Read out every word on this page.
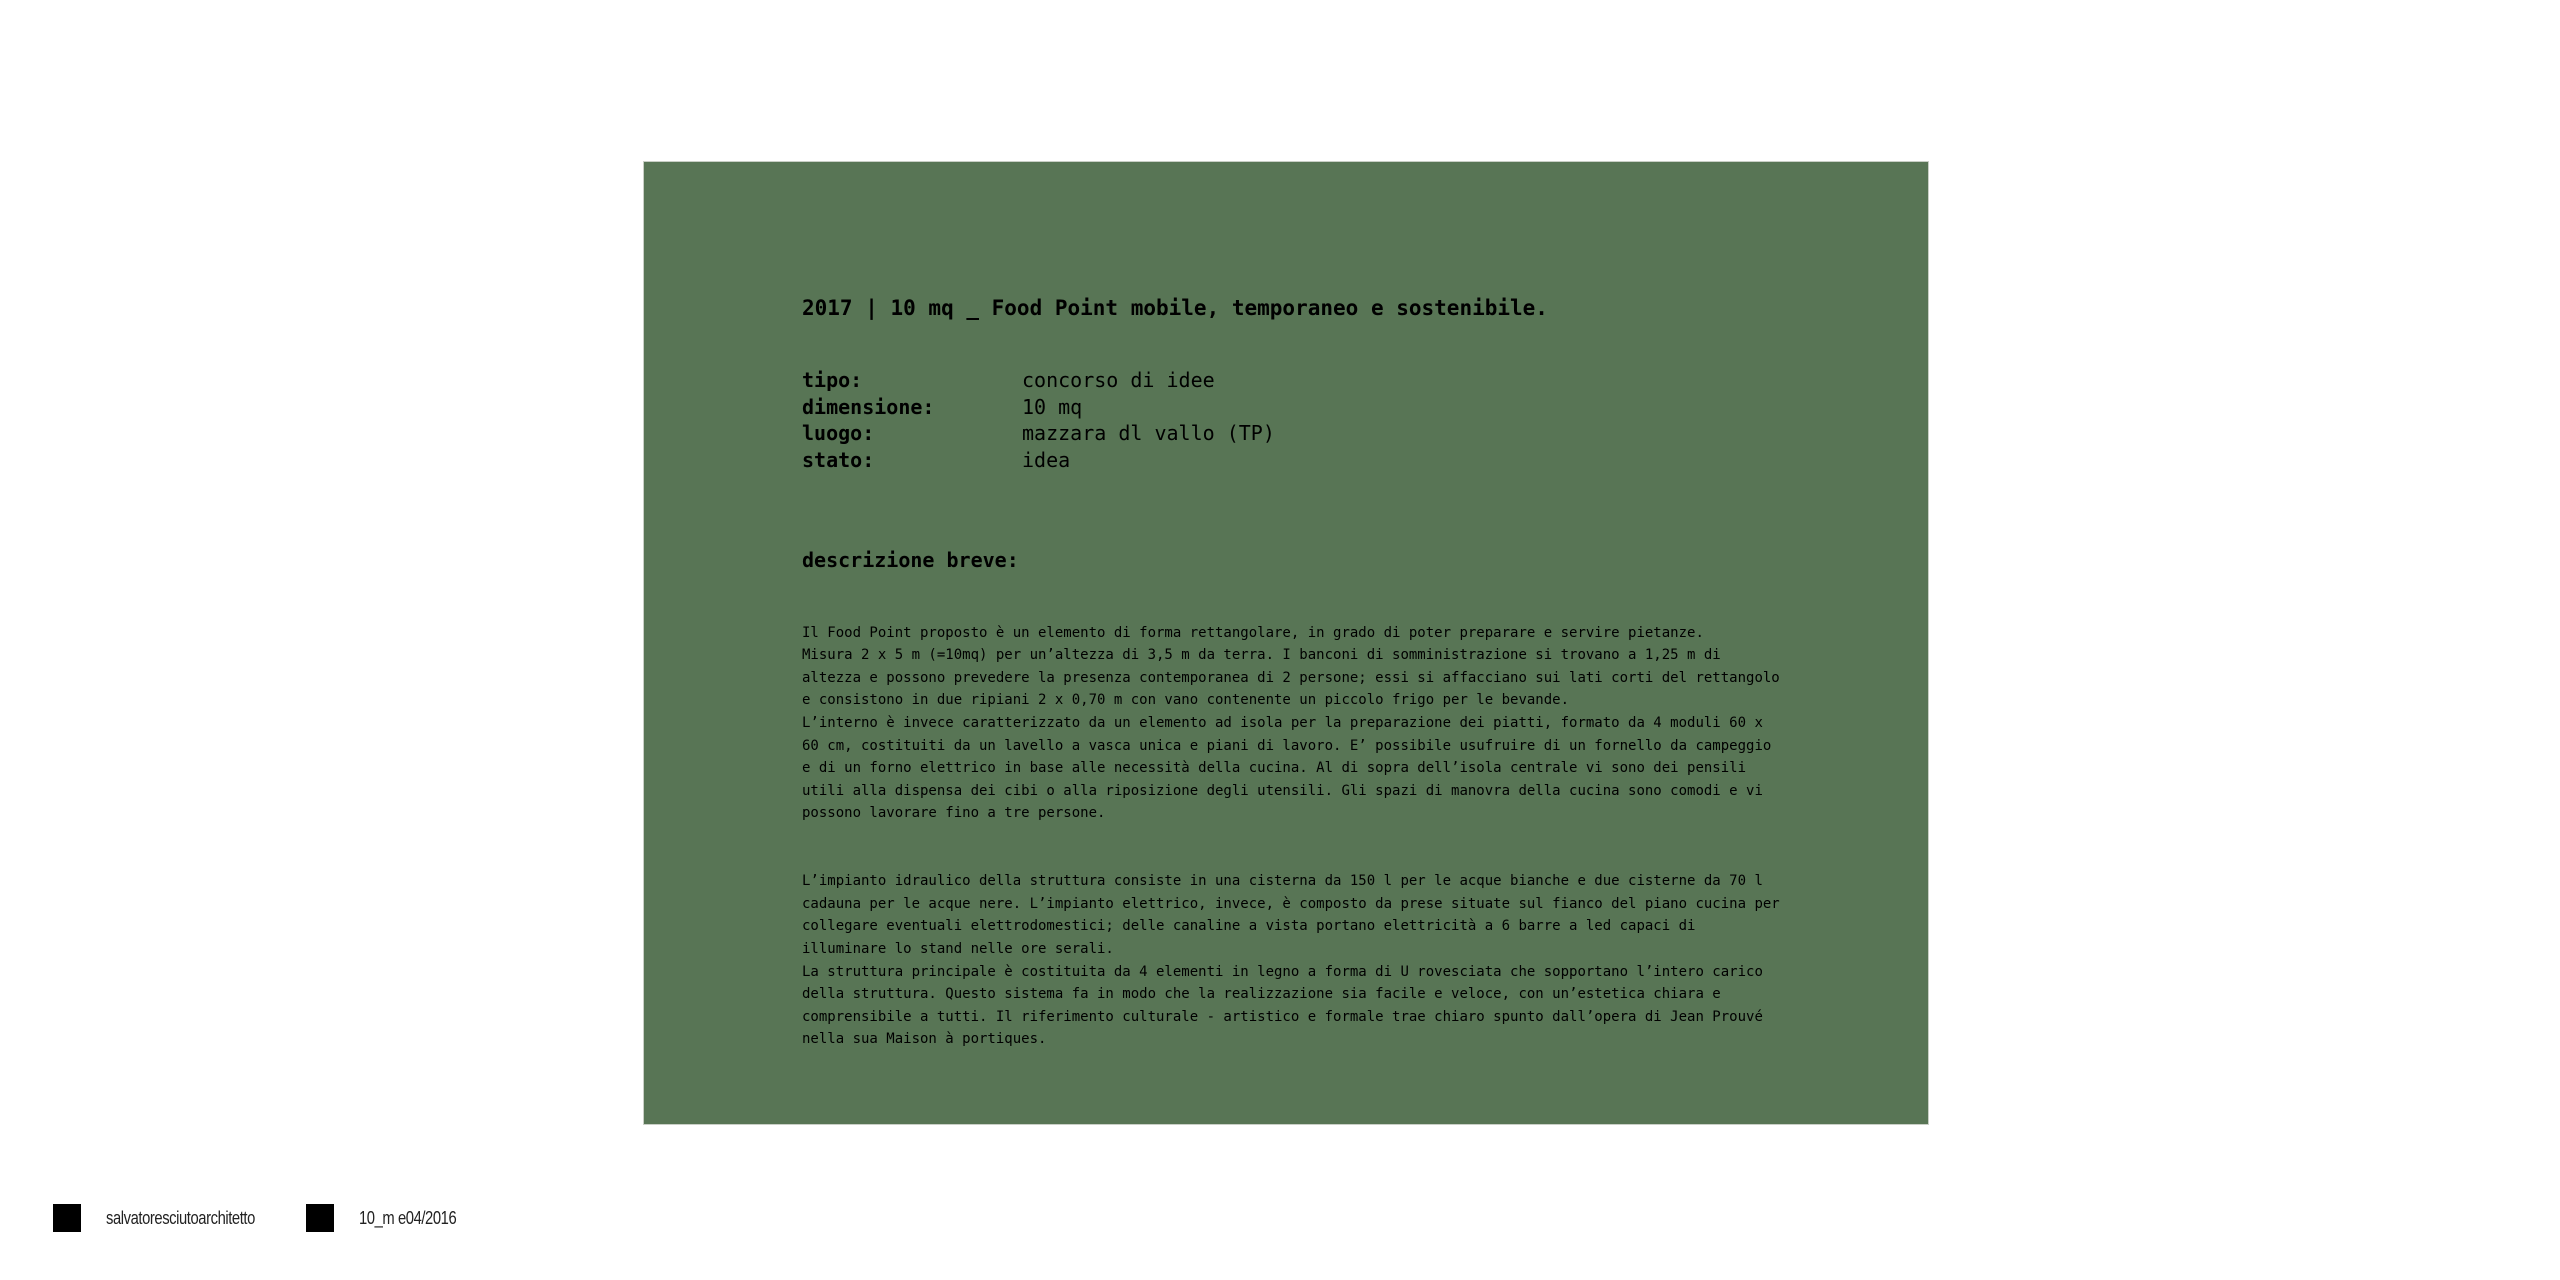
2017 | 10 mq _ Food Point mobile, temporaneo e sostenibile.
tipo:	concorso di idee
dimensione:	10 mq
luogo:	mazzara dl vallo (TP)
stato:	idea
descrizione breve:

Il Food Point proposto è un elemento di forma rettangolare, in grado di poter preparare e servire pietanze.
Misura 2 x 5 m (=10mq) per un’altezza di 3,5 m da terra. I banconi di somministrazione si trovano a 1,25 m di
altezza e possono prevedere la presenza contemporanea di 2 persone; essi si affacciano sui lati corti del rettangolo
e consistono in due ripiani 2 x 0,70 m con vano contenente un piccolo frigo per le bevande.
L’interno è invece caratterizzato da un elemento ad isola per la preparazione dei piatti, formato da 4 moduli 60 x
60 cm, costituiti da un lavello a vasca unica e piani di lavoro. E’ possibile usufruire di un fornello da campeggio
e di un forno elettrico in base alle necessità della cucina. Al di sopra dell’isola centrale vi sono dei pensili
utili alla dispensa dei cibi o alla riposizione degli utensili. Gli spazi di manovra della cucina sono comodi e vi
possono lavorare fino a tre persone.

L’impianto idraulico della struttura consiste in una cisterna da 150 l per le acque bianche e due cisterne da 70 l
cadauna per le acque nere. L’impianto elettrico, invece, è composto da prese situate sul fianco del piano cucina per
collegare eventuali elettrodomestici; delle canaline a vista portano elettricità a 6 barre a led capaci di
illuminare lo stand nelle ore serali.
La struttura principale è costituita da 4 elementi in legno a forma di U rovesciata che sopportano l’intero carico
della struttura. Questo sistema fa in modo che la realizzazione sia facile e veloce, con un’estetica chiara e
comprensibile a tutti. Il riferimento culturale - artistico e formale trae chiaro spunto dall’opera di Jean Prouvé
nella sua Maison à portiques.

salvatoresciutoarchitetto	10_m e04/2016
